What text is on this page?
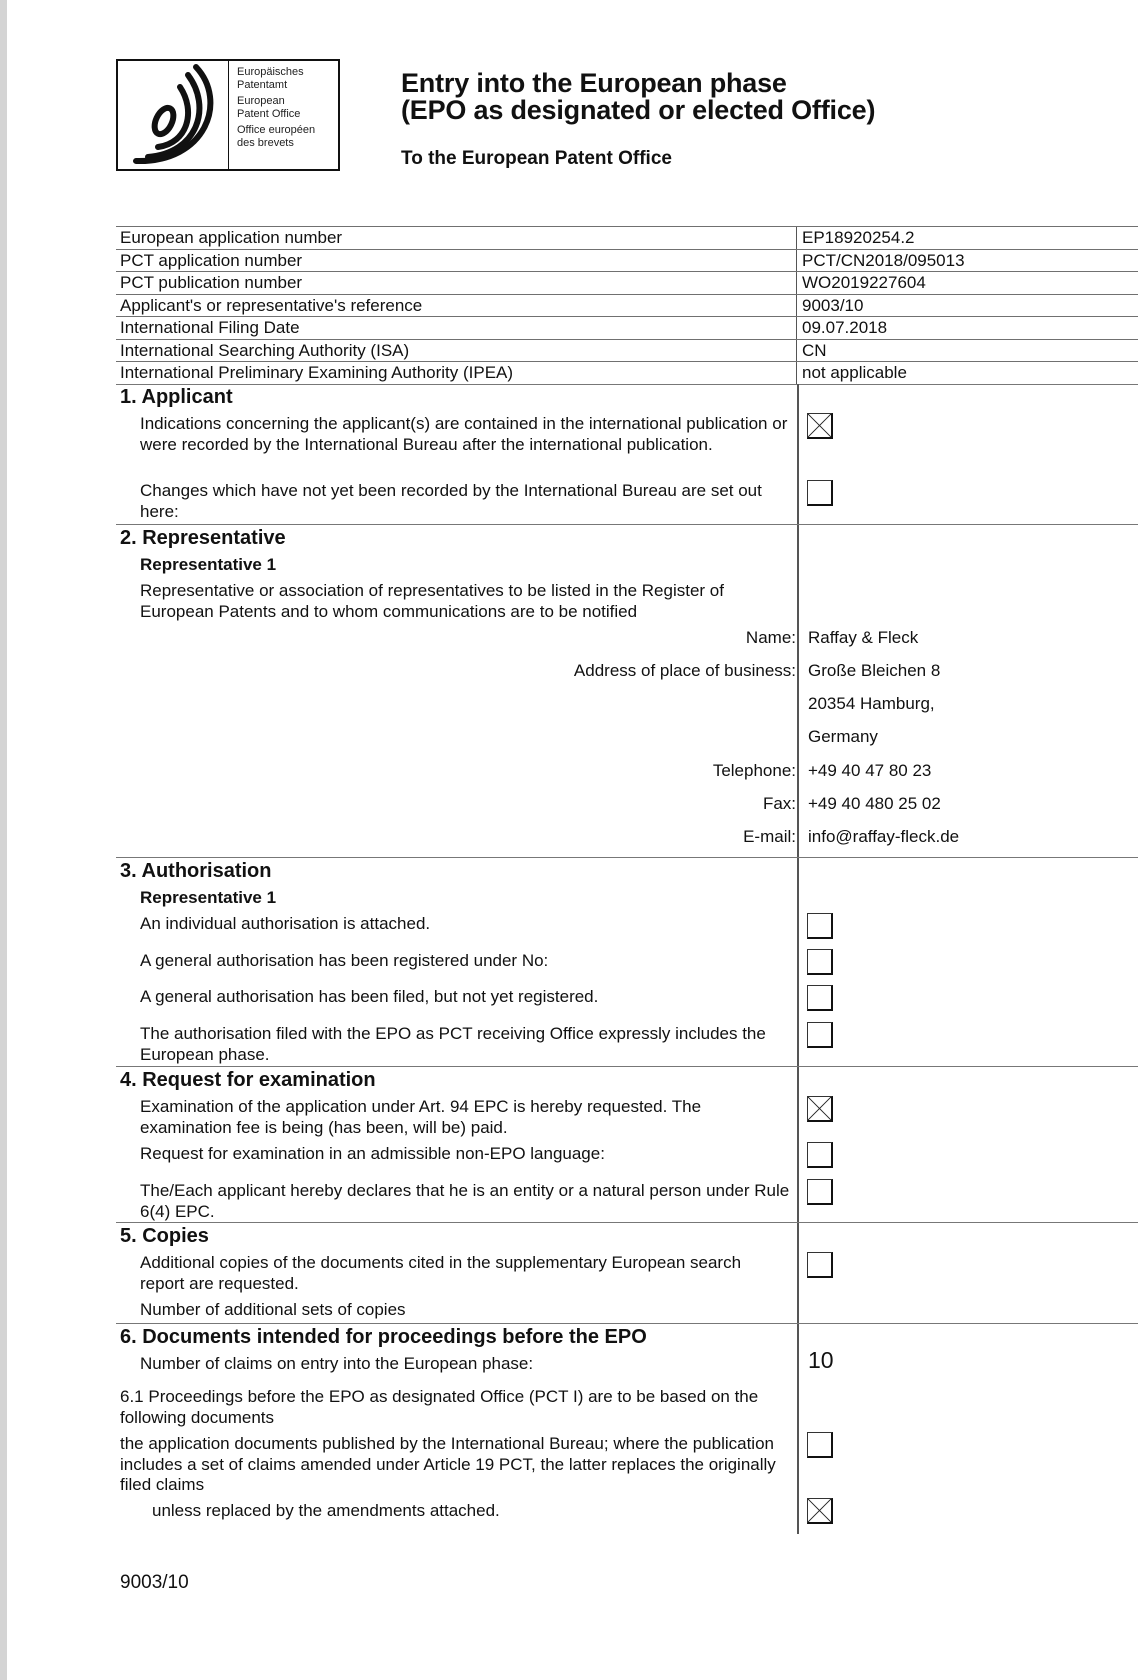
Europäisches
Patentamt
European
Patent Office
Office européen
des brevets
Entry into the European phase
(EPO as designated or elected Office)
To the European Patent Office
European application number	EP18920254.2
PCT application number	PCT/CN2018/095013
PCT publication number	WO2019227604
Applicant's or representative's reference	9003/10
International Filing Date	09.07.2018
International Searching Authority (ISA)	CN
International Preliminary Examining Authority (IPEA)	not applicable
1. Applicant
Indications concerning the applicant(s) are contained in the international publication or were recorded by the International Bureau after the international publication.
Changes which have not yet been recorded by the International Bureau are set out here:
2. Representative
Representative 1
Representative or association of representatives to be listed in the Register of European Patents and to whom communications are to be notified
Name: Raffay & Fleck
Address of place of business: Große Bleichen 8
20354 Hamburg,
Germany
Telephone: +49 40 47 80 23
Fax: +49 40 480 25 02
E-mail: info@raffay-fleck.de
3. Authorisation
Representative 1
An individual authorisation is attached.
A general authorisation has been registered under No:
A general authorisation has been filed, but not yet registered.
The authorisation filed with the EPO as PCT receiving Office expressly includes the European phase.
4. Request for examination
Examination of the application under Art. 94 EPC is hereby requested. The examination fee is being (has been, will be) paid.
Request for examination in an admissible non-EPO language:
The/Each applicant hereby declares that he is an entity or a natural person under Rule 6(4) EPC.
5. Copies
Additional copies of the documents cited in the supplementary European search report are requested.
Number of additional sets of copies
6. Documents intended for proceedings before the EPO
Number of claims on entry into the European phase:	10
6.1 Proceedings before the EPO as designated Office (PCT I) are to be based on the following documents
the application documents published by the International Bureau; where the publication includes a set of claims amended under Article 19 PCT, the latter replaces the originally filed claims
unless replaced by the amendments attached.
9003/10
